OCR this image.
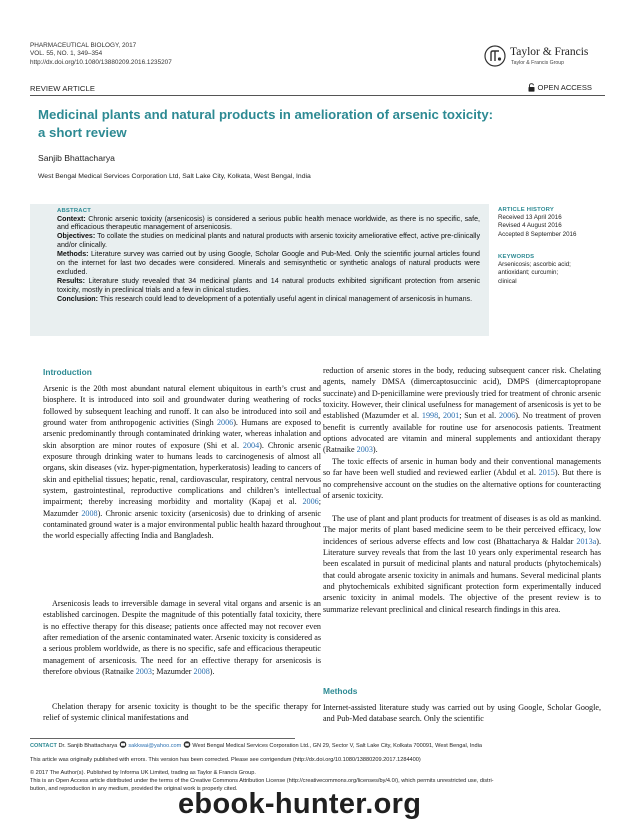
PHARMACEUTICAL BIOLOGY, 2017
VOL. 55, NO. 1, 349–354
http://dx.doi.org/10.1080/13880209.2016.1235207
Taylor & Francis
Taylor & Francis Group
REVIEW ARTICLE	OPEN ACCESS
Medicinal plants and natural products in amelioration of arsenic toxicity:
a short review
Sanjib Bhattacharya
West Bengal Medical Services Corporation Ltd, Salt Lake City, Kolkata, West Bengal, India
ABSTRACT
Context: Chronic arsenic toxicity (arsenicosis) is considered a serious public health menace worldwide, as there is no specific, safe, and efficacious therapeutic management of arsenicosis.
Objectives: To collate the studies on medicinal plants and natural products with arsenic toxicity ameliorative effect, active pre-clinically and/or clinically.
Methods: Literature survey was carried out by using Google, Scholar Google and Pub-Med. Only the scientific journal articles found on the internet for last two decades were considered. Minerals and semisynthetic or synthetic analogs of natural products were excluded.
Results: Literature study revealed that 34 medicinal plants and 14 natural products exhibited significant protection from arsenic toxicity, mostly in preclinical trials and a few in clinical studies.
Conclusion: This research could lead to development of a potentially useful agent in clinical management of arsenicosis in humans.
ARTICLE HISTORY
Received 13 April 2016
Revised 4 August 2016
Accepted 8 September 2016
KEYWORDS
Arsenicosis; ascorbic acid;
antioxidant; curcumin;
clinical
Introduction
Arsenic is the 20th most abundant natural element ubiquitous in earth’s crust and biosphere. It is introduced into soil and groundwater during weathering of rocks followed by subsequent leaching and runoff. It can also be introduced into soil and ground water from anthropogenic activities (Singh 2006). Humans are exposed to arsenic predominantly through contaminated drinking water, whereas inhalation and skin absorption are minor routes of exposure (Shi et al. 2004). Chronic arsenic exposure through drinking water to humans leads to carcinogenesis of almost all organs, skin diseases (viz. hyper-pigmentation, hyperkeratosis) leading to cancers of skin and epithelial tissues; hepatic, renal, cardiovascular, respiratory, central nervous system, gastrointestinal, reproductive complications and children’s intellectual impairment; thereby increasing morbidity and mortality (Kapaj et al. 2006; Mazumder 2008). Chronic arsenic toxicity (arsenicosis) due to drinking of arsenic contaminated ground water is a major environmental public health hazard throughout the world especially affecting India and Bangladesh.
Arsenicosis leads to irreversible damage in several vital organs and arsenic is an established carcinogen. Despite the magnitude of this potentially fatal toxicity, there is no effective therapy for this disease; patients once affected may not recover even after remediation of the arsenic contaminated water. Arsenic toxicity is considered as a serious problem worldwide, as there is no specific, safe and efficacious therapeutic management of arsenicosis. The need for an effective therapy for arsenicosis is therefore obvious (Ratnaike 2003; Mazumder 2008).
Chelation therapy for arsenic toxicity is thought to be the specific therapy for relief of systemic clinical manifestations and
reduction of arsenic stores in the body, reducing subsequent cancer risk. Chelating agents, namely DMSA (dimercaptosuccinic acid), DMPS (dimercaptopropane succinate) and D-penicillamine were previously tried for treatment of chronic arsenic toxicity. However, their clinical usefulness for management of arsenicosis is yet to be established (Mazumder et al. 1998, 2001; Sun et al. 2006). No treatment of proven benefit is currently available for routine use for arsenocosis patients. Treatment options advocated are vitamin and mineral supplements and antioxidant therapy (Ratnaike 2003).
The toxic effects of arsenic in human body and their conventional managements so far have been well studied and reviewed earlier (Abdul et al. 2015). But there is no comprehensive account on the studies on the alternative options for counteracting of arsenic toxicity.
The use of plant and plant products for treatment of diseases is as old as mankind. The major merits of plant based medicine seem to be their perceived efficacy, low incidences of serious adverse effects and low cost (Bhattacharya & Haldar 2013a). Literature survey reveals that from the last 10 years only experimental research has been escalated in pursuit of medicinal plants and natural products (phytochemicals) that could abrogate arsenic toxicity in animals and humans. Several medicinal plants and phytochemicals exhibited significant protection form experimentally induced arsenic toxicity in animal models. The objective of the present review is to summarize relevant preclinical and clinical research findings in this area.
Methods
Internet-assisted literature study was carried out by using Google, Scholar Google, and Pub-Med database search. Only the scientific
CONTACT Dr. Sanjib Bhattacharya  sakkwai@yahoo.com  West Bengal Medical Services Corporation Ltd., GN 29, Sector V, Salt Lake City, Kolkata 700091, West Bengal, India
This article was originally published with errors. This version has been corrected. Please see corrigendum (http://dx.doi.org/10.1080/13880209.2017.1284400)
© 2017 The Author(s). Published by Informa UK Limited, trading as Taylor & Francis Group.
This is an Open Access article distributed under the terms of the Creative Commons Attribution License (http://creativecommons.org/licenses/by/4.0/), which permits unrestricted use, distri-
bution, and reproduction in any medium, provided the original work is properly cited.
ebook-hunter.org
